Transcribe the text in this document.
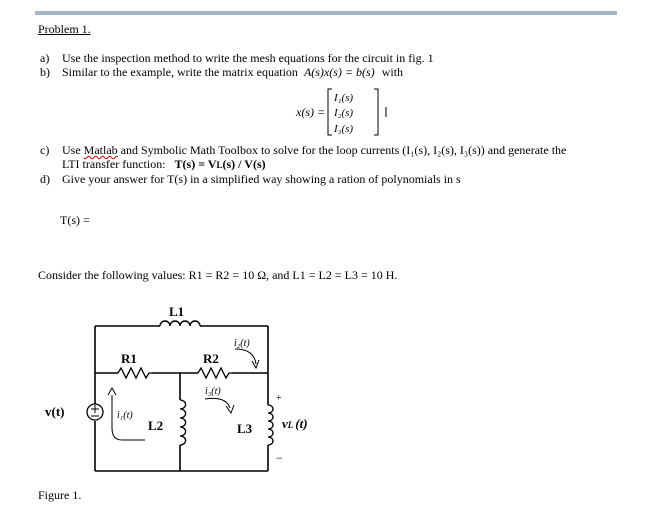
Problem 1.
a) Use the inspection method to write the mesh equations for the circuit in fig. 1
b) Similar to the example, write the matrix equation A(s)x(s) = b(s) with
x(s) =
I₁(s)
I₂(s)
I₃(s)
c) Use Matlab and Symbolic Math Toolbox to solve for the loop currents (I₁(s), I₂(s), I₃(s)) and generate the
LTI transfer function: T(s) = VL(s) / V(s)
d) Give your answer for T(s) in a simplified way showing a ration of polynomials in s
T(s) =
Consider the following values: R1 = R2 = 10 Ω, and L1 = L2 = L3 = 10 H.
L1
R1	R2
L2	L3
v(t)	i₁(t)
i₂(t)
i₃(t)
+
−
vL (t)
Figure 1.
